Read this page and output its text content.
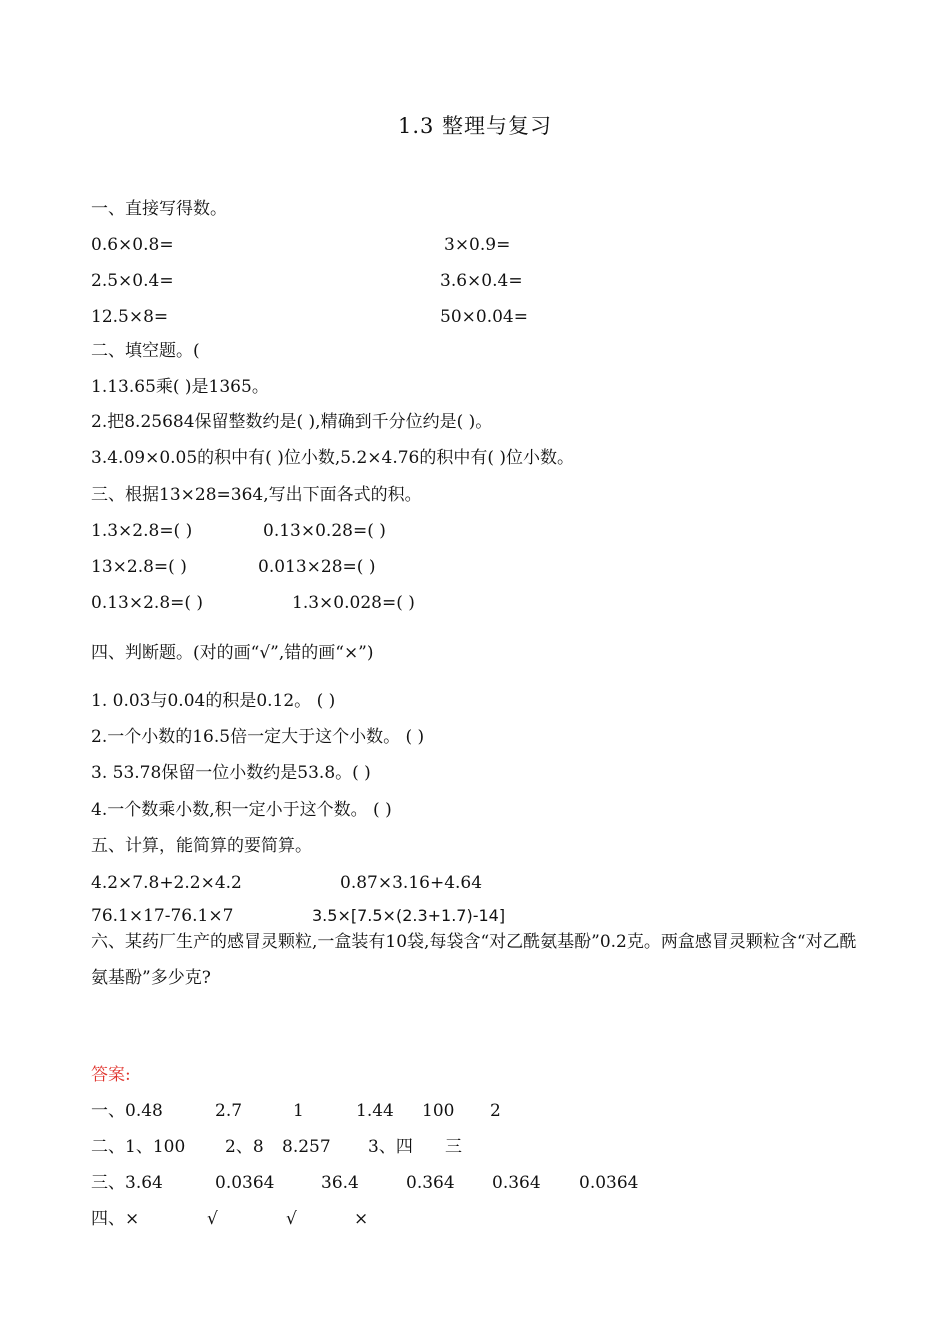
1.3 整理与复习
一、直接写得数。
0.6×0.8=	3×0.9=
2.5×0.4=	3.6×0.4=
12.5×8=	50×0.04=
二、填空题。(
1.13.65乘( )是1365。
2.把8.25684保留整数约是( ),精确到千分位约是( )。
3.4.09×0.05的积中有( )位小数,5.2×4.76的积中有( )位小数。
三、根据13×28=364,写出下面各式的积。
1.3×2.8=( )	0.13×0.28=( )
13×2.8=( )	0.013×28=( )
0.13×2.8=( )	1.3×0.028=( )
四、判断题。(对的画“√”,错的画“×”)
1. 0.03与0.04的积是0.12。 ( )
2.一个小数的16.5倍一定大于这个小数。 ( )
3. 53.78保留一位小数约是53.8。( )
4.一个数乘小数,积一定小于这个数。 ( )
五、计算，能简算的要简算。
4.2×7.8+2.2×4.2	0.87×3.16+4.64
76.1×17-76.1×7	3.5×[7.5×(2.3+1.7)-14]
六、某药厂生产的感冒灵颗粒,一盒装有10袋,每袋含“对乙酰氨基酚”0.2克。两盒感冒灵颗粒含“对乙酰氨基酚”多少克?
答案:
一、0.48	2.7	1	1.44 100 2
二、1、100 2、8 8.257 3、四 三
三、3.64	0.0364	36.4	0.364 0.364 0.0364
四、×	√	√	×
